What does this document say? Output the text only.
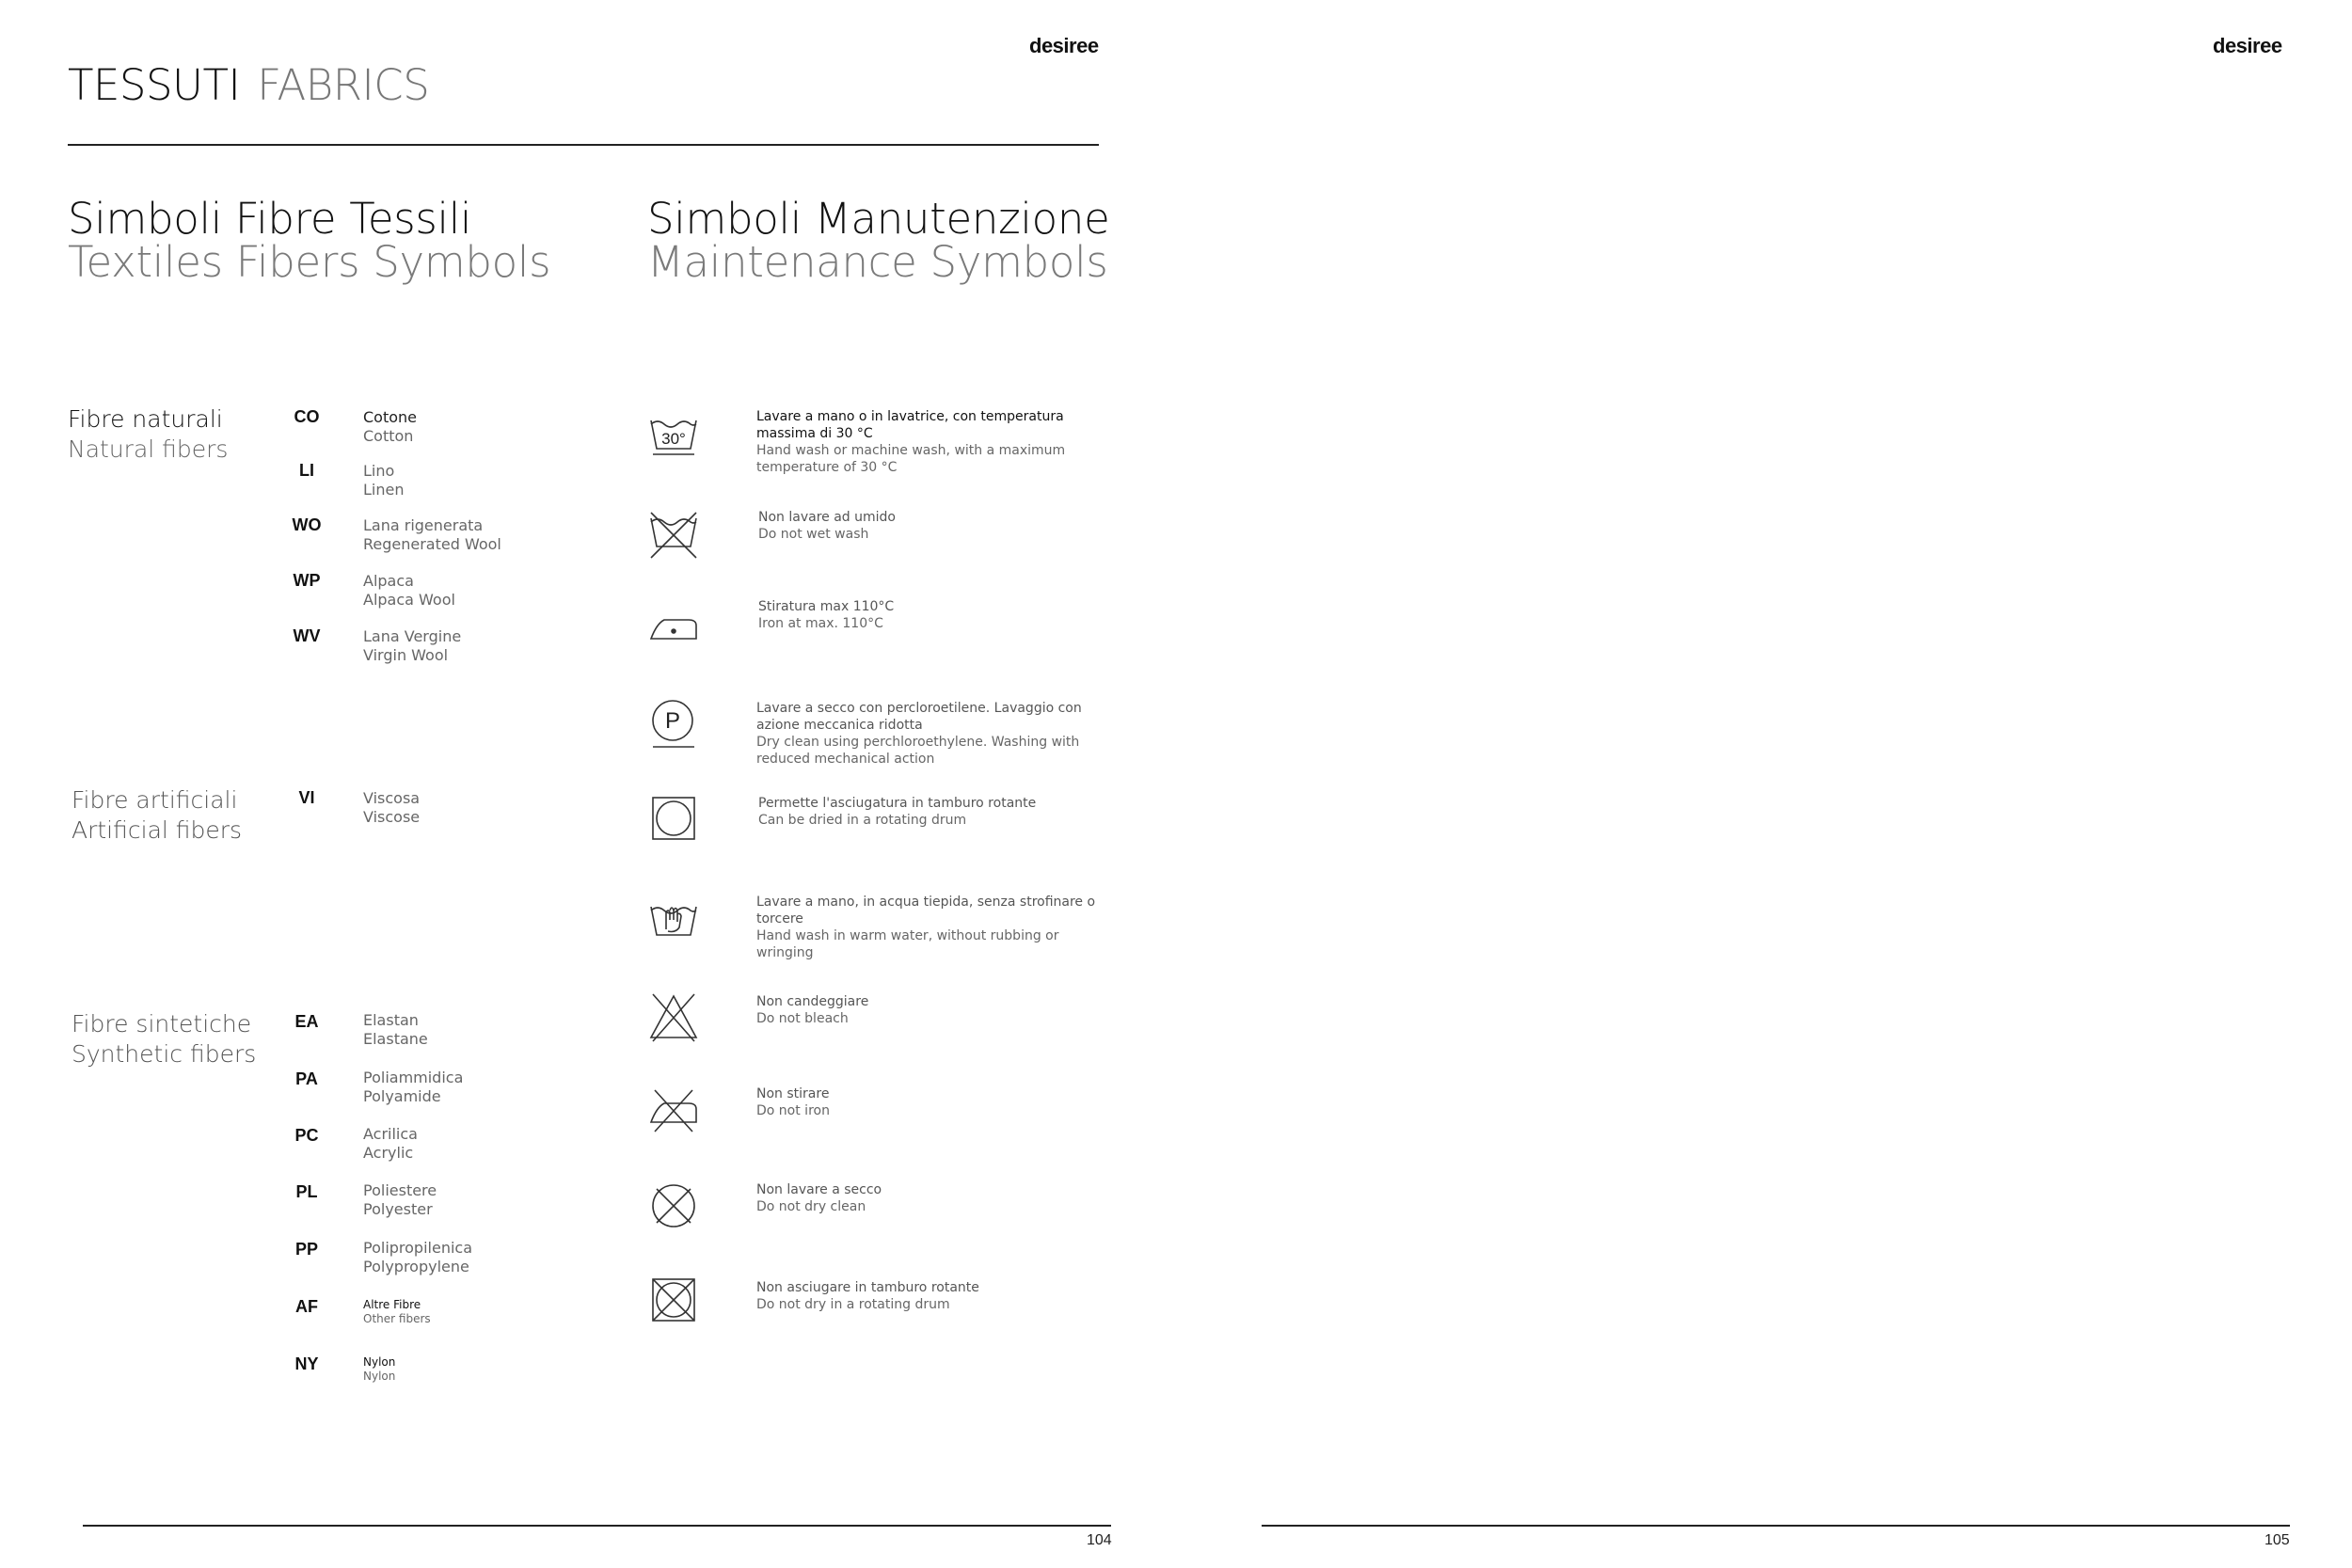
desiree	desiree
TESSUTI FABRICS
Simboli Fibre Tessili
Textiles Fibers Symbols
Simboli Manutenzione
Maintenance Symbols
Fibre naturali
Natural fibers
Fibre artificiali
Artificial fibers
Fibre sintetiche
Synthetic fibers
CO	Cotone
Cotton
LI	Lino
Linen
WO	Lana rigenerata
Regenerated Wool
WP	Alpaca
Alpaca Wool
WV	Lana Vergine
Virgin Wool
VI	Viscosa
Viscose
EA	Elastan
Elastane
PA	Poliammidica
Polyamide
PC	Acrilica
Acrylic
PL	Poliestere
Polyester
PP	Polipropilenica
Polypropylene
AF	Altre Fibre
Other fibers
NY	Nylon
Nylon
30°
Lavare a mano o in lavatrice, con temperatura massima di 30 °C
Hand wash or machine wash, with a maximum temperature of 30 °C
Non lavare ad umido
Do not wet wash
Stiratura max 110°C
Iron at max. 110°C
P	Lavare a secco con percloroetilene. Lavaggio con azione meccanica ridotta
Dry clean using perchloroethylene. Washing with reduced mechanical action
Permette l'asciugatura in tamburo rotante
Can be dried in a rotating drum
Lavare a mano, in acqua tiepida, senza strofinare o torcere
Hand wash in warm water, without rubbing or wringing
Non candeggiare
Do not bleach
Non stirare
Do not iron
Non lavare a secco
Do not dry clean
Non asciugare in tamburo rotante
Do not dry in a rotating drum
104	105
